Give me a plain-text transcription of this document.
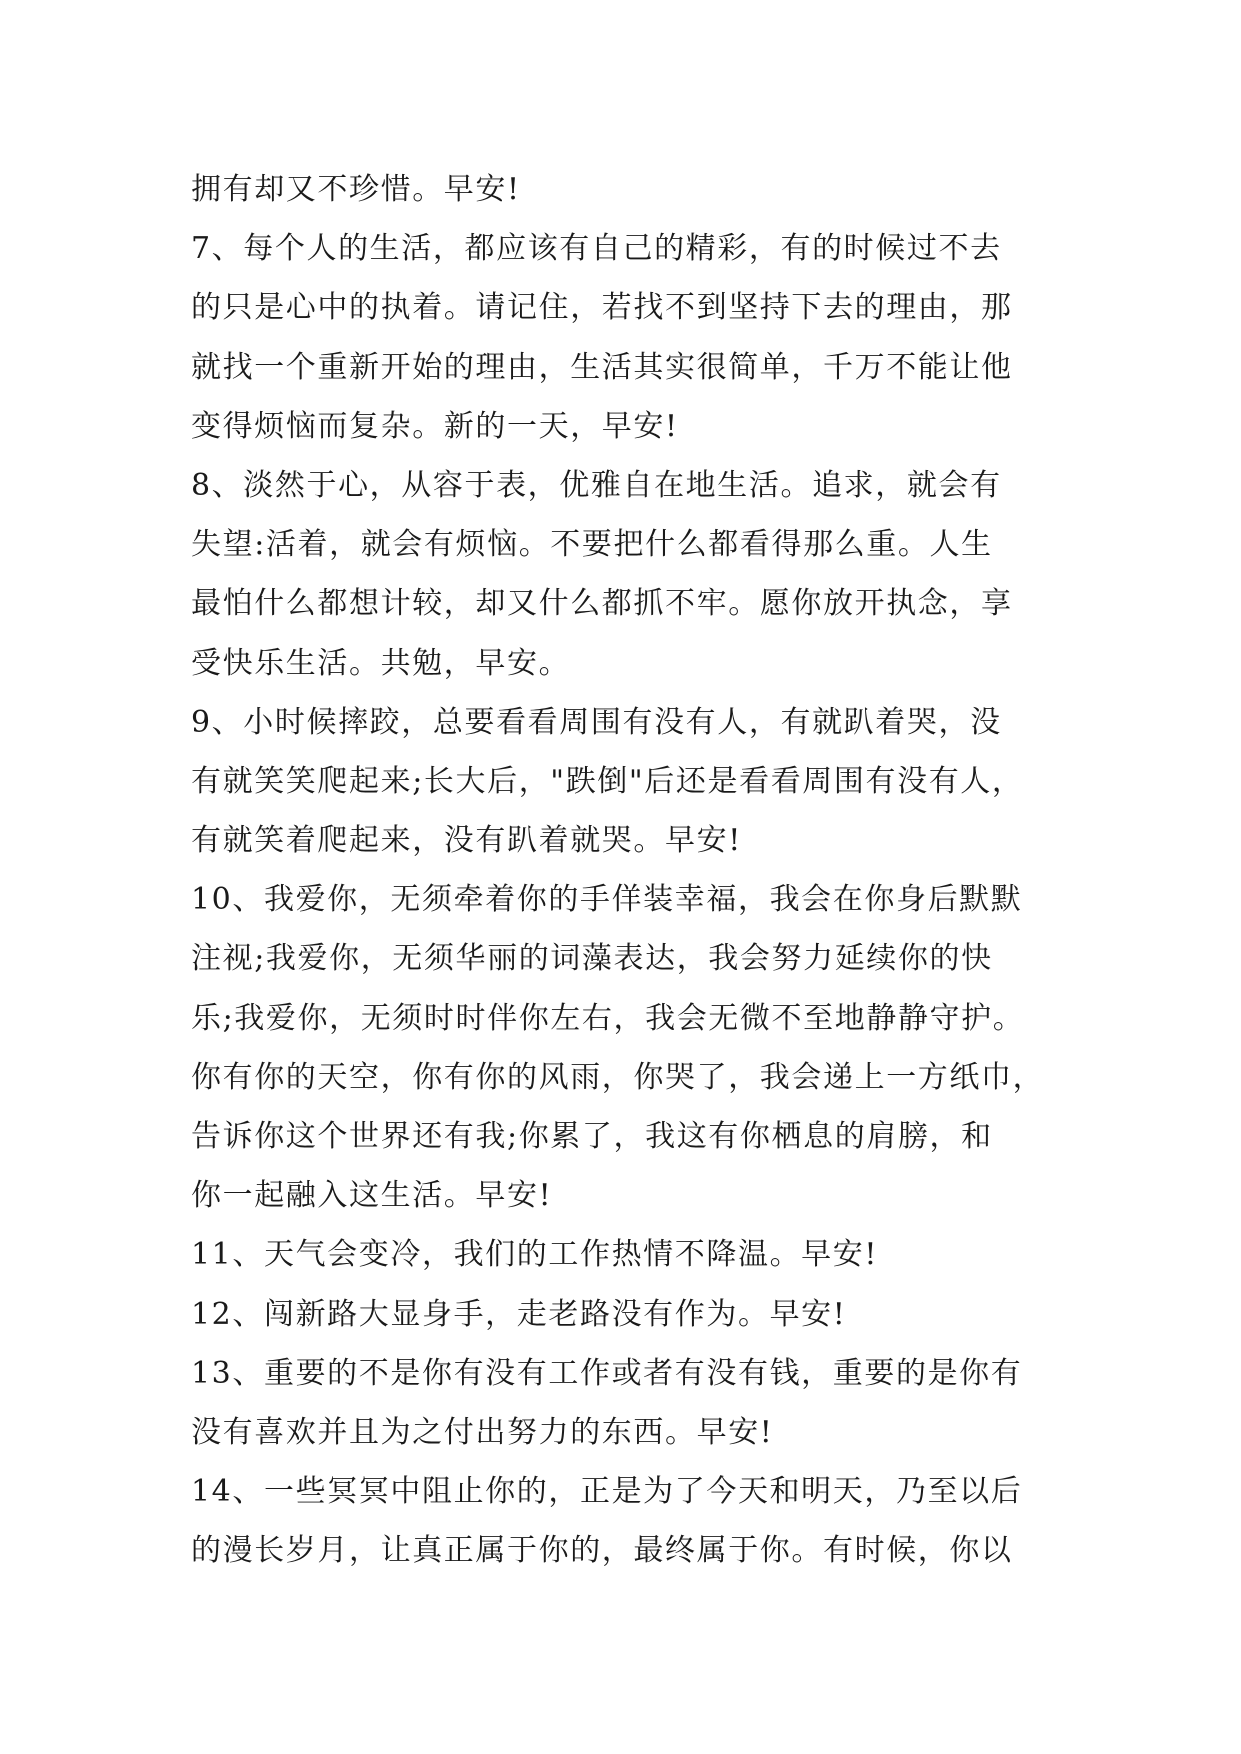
拥有却又不珍惜。早安!
7、每个人的生活，都应该有自己的精彩，有的时候过不去
的只是心中的执着。请记住，若找不到坚持下去的理由，那
就找一个重新开始的理由，生活其实很简单，千万不能让他
变得烦恼而复杂。新的一天，早安!
8、淡然于心，从容于表，优雅自在地生活。追求，就会有
失望:活着，就会有烦恼。不要把什么都看得那么重。人生
最怕什么都想计较，却又什么都抓不牢。愿你放开执念，享
受快乐生活。共勉，早安。
9、小时候摔跤，总要看看周围有没有人，有就趴着哭，没
有就笑笑爬起来;长大后，"跌倒"后还是看看周围有没有人，
有就笑着爬起来，没有趴着就哭。早安!
10、我爱你，无须牵着你的手佯装幸福，我会在你身后默默
注视;我爱你，无须华丽的词藻表达，我会努力延续你的快
乐;我爱你，无须时时伴你左右，我会无微不至地静静守护。
你有你的天空，你有你的风雨，你哭了，我会递上一方纸巾，
告诉你这个世界还有我;你累了，我这有你栖息的肩膀，和
你一起融入这生活。早安!
11、天气会变冷，我们的工作热情不降温。早安!
12、闯新路大显身手，走老路没有作为。早安!
13、重要的不是你有没有工作或者有没有钱，重要的是你有
没有喜欢并且为之付出努力的东西。早安!
14、一些冥冥中阻止你的，正是为了今天和明天，乃至以后
的漫长岁月，让真正属于你的，最终属于你。有时候，你以
